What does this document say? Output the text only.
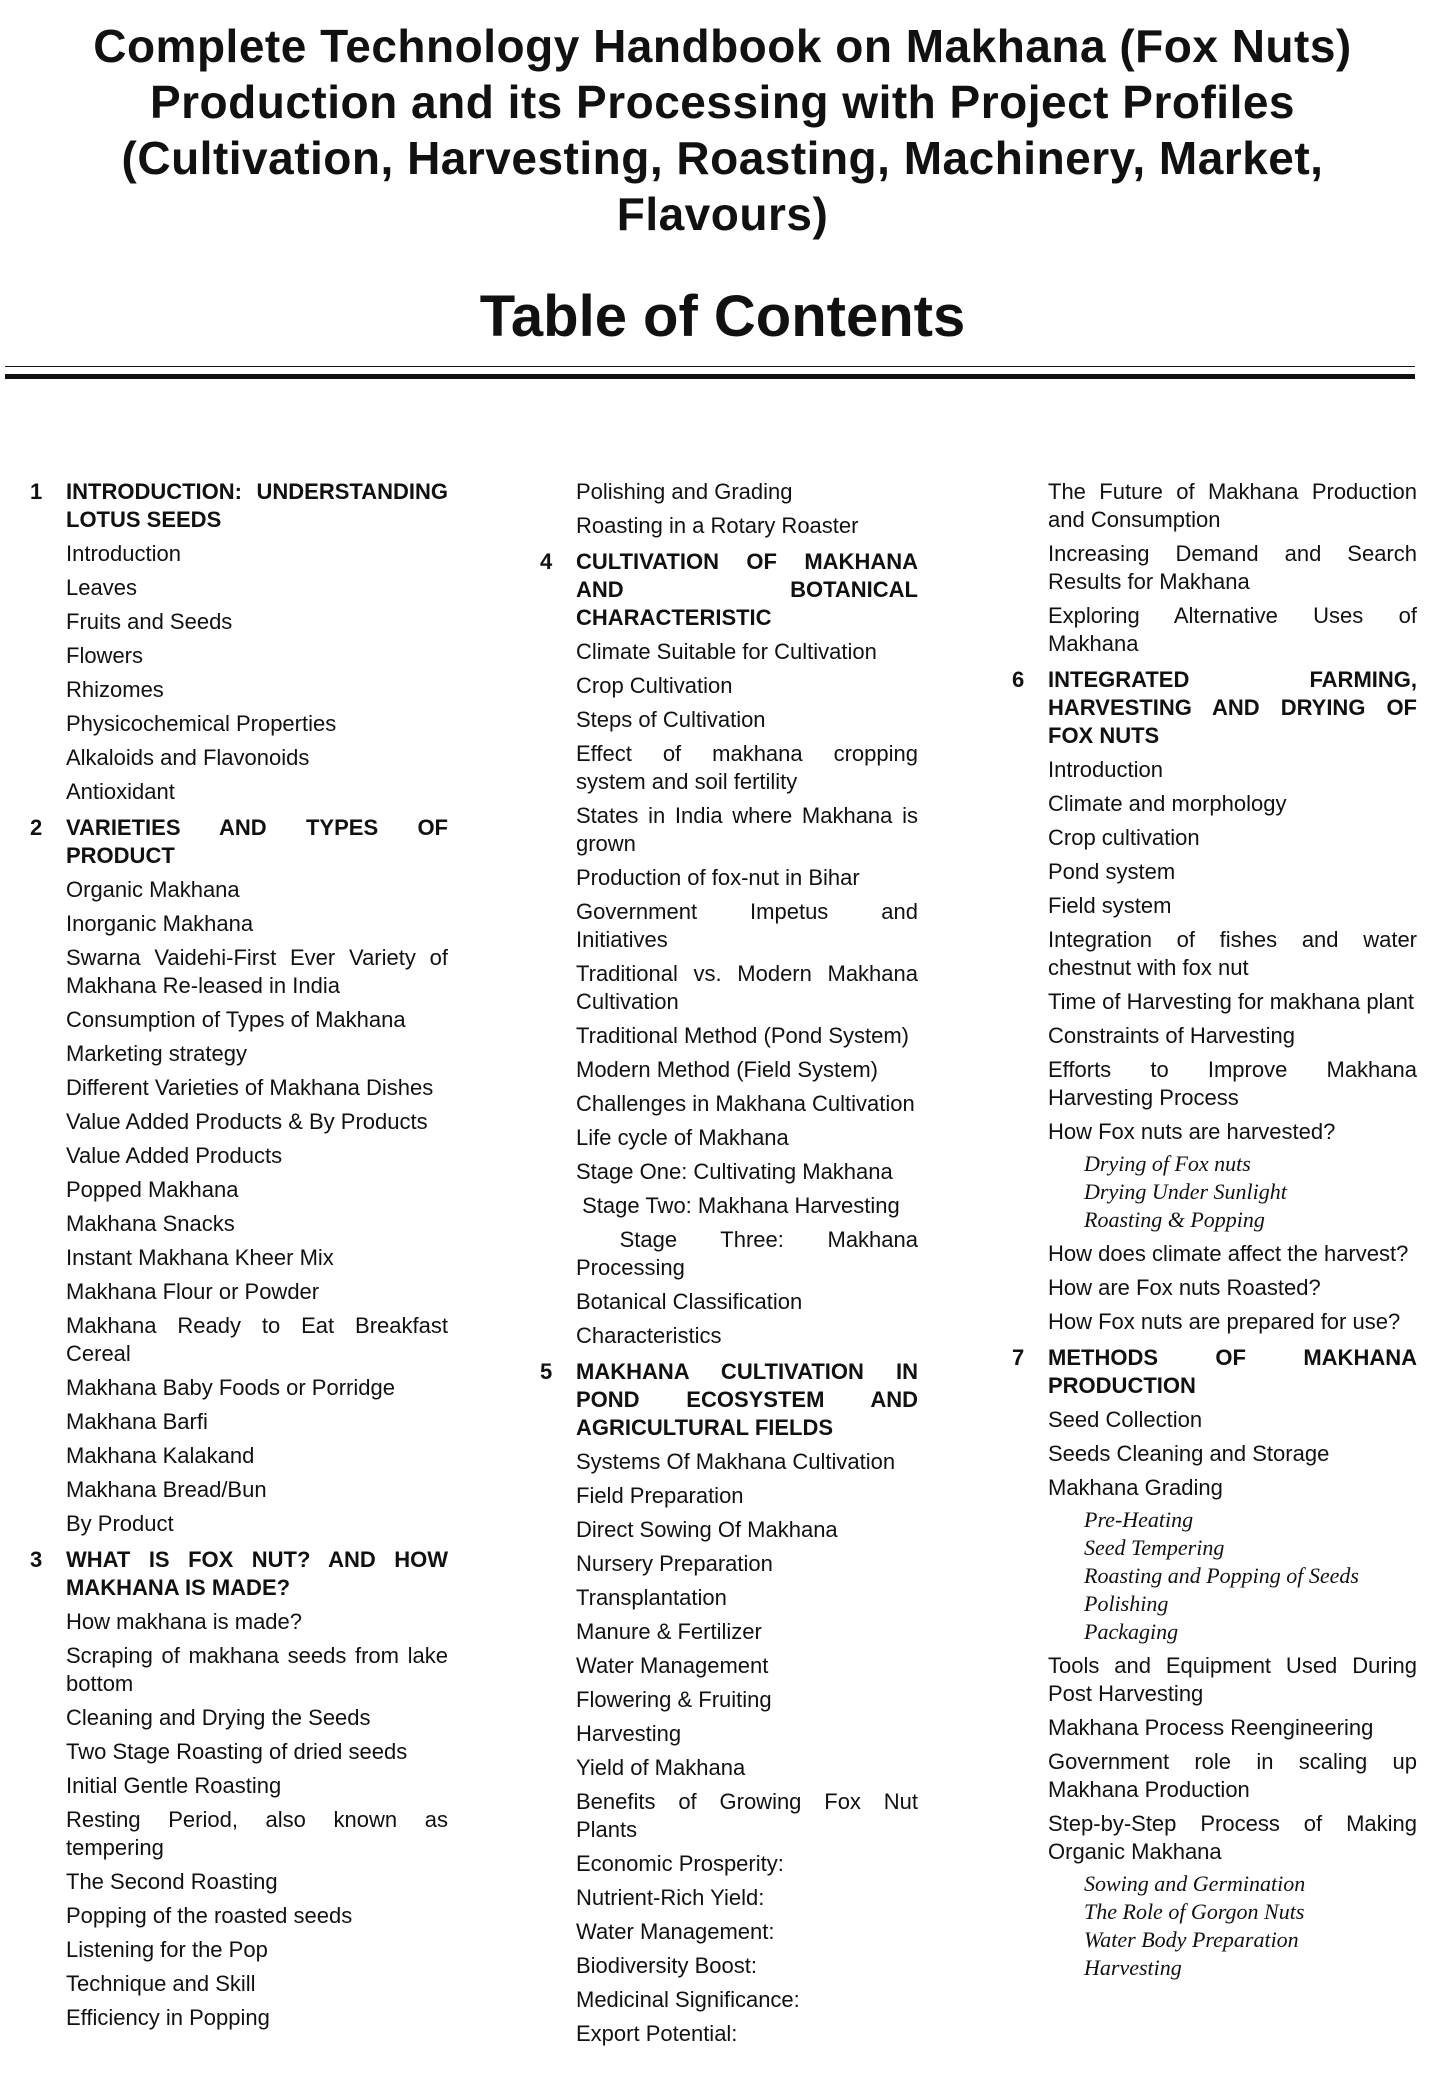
Complete Technology Handbook on Makhana (Fox Nuts) Production and its Processing with Project Profiles (Cultivation, Harvesting, Roasting, Machinery, Market, Flavours)
Table of Contents
1	INTRODUCTION: UNDERSTANDING LOTUS SEEDS
Introduction
Leaves
Fruits and Seeds
Flowers
Rhizomes
Physicochemical Properties
Alkaloids and Flavonoids
Antioxidant
2	VARIETIES AND TYPES OF PRODUCT
Organic Makhana
Inorganic Makhana
Swarna Vaidehi-First Ever Variety of Makhana Re-leased in India
Consumption of Types of Makhana
Marketing strategy
Different Varieties of Makhana Dishes
Value Added Products & By Products
Value Added Products
Popped Makhana
Makhana Snacks
Instant Makhana Kheer Mix
Makhana Flour or Powder
Makhana Ready to Eat Breakfast Cereal
Makhana Baby Foods or Porridge
Makhana Barfi
Makhana Kalakand
Makhana Bread/Bun
By Product
3	WHAT IS FOX NUT? AND HOW MAKHANA IS MADE?
How makhana is made?
Scraping of makhana seeds from lake bottom
Cleaning and Drying the Seeds
Two Stage Roasting of dried seeds
Initial Gentle Roasting
Resting Period, also known as tempering
The Second Roasting
Popping of the roasted seeds
Listening for the Pop
Technique and Skill
Efficiency in Popping
Polishing and Grading
Roasting in a Rotary Roaster
4	CULTIVATION OF MAKHANA AND BOTANICAL CHARACTERISTIC
Climate Suitable for Cultivation
Crop Cultivation
Steps of Cultivation
Effect of makhana cropping system and soil fertility
States in India where Makhana is grown
Production of fox-nut in Bihar
Government Impetus and Initiatives
Traditional vs. Modern Makhana Cultivation
Traditional Method (Pond System)
Modern Method (Field System)
Challenges in Makhana Cultivation
Life cycle of Makhana
Stage One: Cultivating Makhana
Stage Two: Makhana Harvesting
Stage Three: Makhana Processing
Botanical Classification
Characteristics
5	MAKHANA CULTIVATION IN POND ECOSYSTEM AND AGRICULTURAL FIELDS
Systems Of Makhana Cultivation
Field Preparation
Direct Sowing Of Makhana
Nursery Preparation
Transplantation
Manure & Fertilizer
Water Management
Flowering & Fruiting
Harvesting
Yield of Makhana
Benefits of Growing Fox Nut Plants
Economic Prosperity:
Nutrient-Rich Yield:
Water Management:
Biodiversity Boost:
Medicinal Significance:
Export Potential:
The Future of Makhana Production and Consumption
Increasing Demand and Search Results for Makhana
Exploring Alternative Uses of Makhana
6	INTEGRATED FARMING, HARVESTING AND DRYING OF FOX NUTS
Introduction
Climate and morphology
Crop cultivation
Pond system
Field system
Integration of fishes and water chestnut with fox nut
Time of Harvesting for makhana plant
Constraints of Harvesting
Efforts to Improve Makhana Harvesting Process
How Fox nuts are harvested?
Drying of Fox nuts
Drying Under Sunlight
Roasting & Popping
How does climate affect the harvest?
How are Fox nuts Roasted?
How Fox nuts are prepared for use?
7	METHODS OF MAKHANA PRODUCTION
Seed Collection
Seeds Cleaning and Storage
Makhana Grading
Pre-Heating
Seed Tempering
Roasting and Popping of Seeds
Polishing
Packaging
Tools and Equipment Used During Post Harvesting
Makhana Process Reengineering
Government role in scaling up Makhana Production
Step-by-Step Process of Making Organic Makhana
Sowing and Germination
The Role of Gorgon Nuts
Water Body Preparation
Harvesting
